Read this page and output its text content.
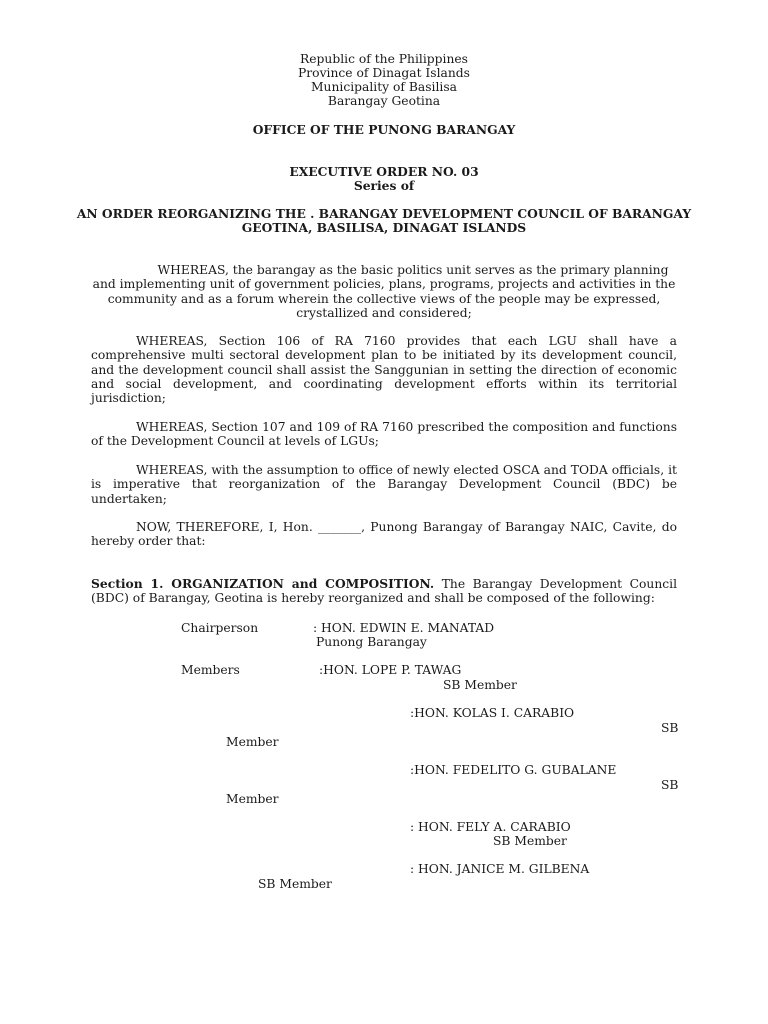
Republic of the Philippines
Province of Dinagat Islands
Municipality of Basilisa
Barangay Geotina
OFFICE OF THE PUNONG BARANGAY
EXECUTIVE ORDER NO. 03
Series of
AN ORDER REORGANIZING THE . BARANGAY DEVELOPMENT COUNCIL OF BARANGAY
GEOTINA, BASILISA, DINAGAT ISLANDS
WHEREAS, the barangay as the basic politics unit serves as the primary planning and implementing unit of government policies, plans, programs, projects and activities in the community and as a forum wherein the collective views of the people may be expressed, crystallized and considered;
WHEREAS, Section 106 of RA 7160 provides that each LGU shall have a comprehensive multi sectoral development plan to be initiated by its development council, and the development council shall assist the Sanggunian in setting the direction of economic and social development, and coordinating development efforts within its territorial jurisdiction;
WHEREAS, Section 107 and 109 of RA 7160 prescribed the composition and functions of the Development Council at levels of LGUs;
WHEREAS, with the assumption to office of newly elected OSCA and TODA officials, it is imperative that reorganization of the Barangay Development Council (BDC) be undertaken;
NOW, THEREFORE, I, Hon. _______, Punong Barangay of Barangay NAIC, Cavite, do hereby order that:
Section 1. ORGANIZATION and COMPOSITION. The Barangay Development Council (BDC) of Barangay, Geotina is hereby reorganized and shall be composed of the following:
Chairperson	: HON. EDWIN E. MANATAD
Punong Barangay
Members	:HON. LOPE P. TAWAG
SB Member
:HON. KOLAS I. CARABIO
SB
Member
:HON. FEDELITO G. GUBALANE
SB
Member
: HON. FELY A. CARABIO
SB Member
: HON. JANICE M. GILBENA
SB Member
